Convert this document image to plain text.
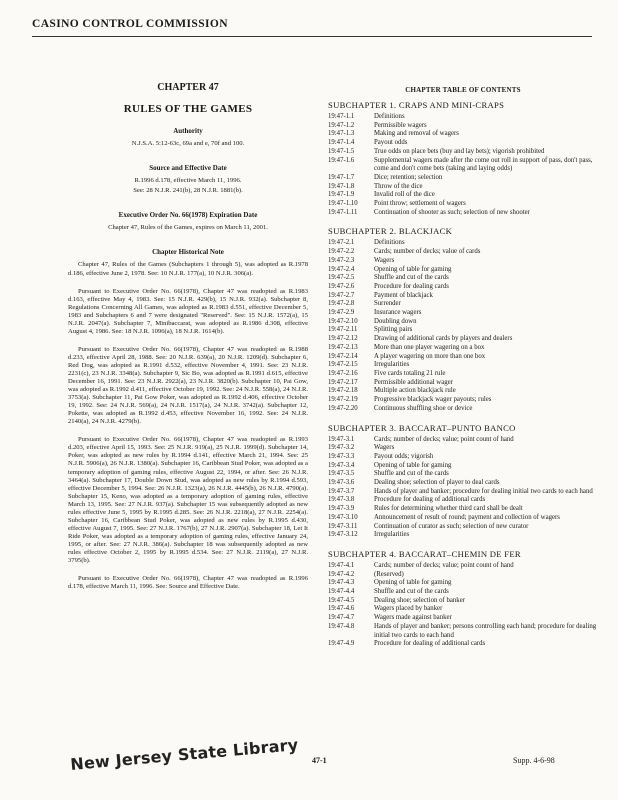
CASINO CONTROL COMMISSION
CHAPTER 47
RULES OF THE GAMES
Authority
N.J.S.A. 5:12-63c, 69a and e, 70f and 100.
Source and Effective Date
R.1996 d.178, effective March 11, 1996.
See: 28 N.J.R. 241(b), 28 N.J.R. 1881(b).
Executive Order No. 66(1978) Expiration Date
Chapter 47, Rules of the Games, expires on March 11, 2001.
Chapter Historical Note
Chapter 47, Rules of the Games (Subchapters 1 through 5), was adopted as R.1978 d.186, effective June 2, 1978. See: 10 N.J.R. 177(a), 10 N.J.R. 306(a).
Pursuant to Executive Order No. 66(1978), Chapter 47 was readopted as R.1983 d.163, effective May 4, 1983. See: 15 N.J.R. 429(b), 15 N.J.R. 932(a). Subchapter 8, Regulations Concerning All Games, was adopted as R.1983 d.551, effective December 5, 1983 and Subchapters 6 and 7 were designated "Reserved". See: 15 N.J.R. 1572(a), 15 N.J.R. 2047(a). Subchapter 7, Minibaccarat, was adopted as R.1986 d.308, effective August 4, 1986. See: 18 N.J.R. 1096(a), 18 N.J.R. 1614(b).
Pursuant to Executive Order No. 66(1978), Chapter 47 was readopted as R.1988 d.233, effective April 28, 1988. See: 20 N.J.R. 639(a), 20 N.J.R. 1209(d). Subchapter 6, Red Dog, was adopted as R.1991 d.532, effective November 4, 1991. See: 23 N.J.R. 2231(c), 23 N.J.R. 3348(a). Subchapter 9, Sic Bo, was adopted as R.1991 d.615, effective December 16, 1991. See: 23 N.J.R. 2922(a), 23 N.J.R. 3820(b). Subchapter 10, Pai Gow, was adopted as R.1992 d.411, effective October 19, 1992. See: 24 N.J.R. 558(a), 24 N.J.R. 3753(a). Subchapter 11, Pai Gow Poker, was adopted as R.1992 d.406, effective October 19, 1992. See: 24 N.J.R. 569(a), 24 N.J.R. 1517(a), 24 N.J.R. 3742(a). Subchapter 12, Pokette, was adopted as R.1992 d.453, effective November 16, 1992. See: 24 N.J.R. 2140(a), 24 N.J.R. 4279(b).
Pursuant to Executive Order No. 66(1978), Chapter 47 was readopted as R.1993 d.203, effective April 15, 1993. See: 25 N.J.R. 919(a), 25 N.J.R. 1999(d). Subchapter 14, Poker, was adopted as new rules by R.1994 d.141, effective March 21, 1994. See: 25 N.J.R. 5906(a), 26 N.J.R. 1380(a). Subchapter 16, Caribbean Stud Poker, was adopted as a temporary adoption of gaming rules, effective August 22, 1994, or after. See: 26 N.J.R. 3464(a). Subchapter 17, Double Down Stud, was adopted as new rules by R.1994 d.593, effective December 5, 1994. See: 26 N.J.R. 1323(a), 26 N.J.R. 4445(b), 26 N.J.R. 4790(a). Subchapter 15, Keno, was adopted as a temporary adoption of gaming rules, effective March 13, 1995. See: 27 N.J.R. 937(a). Subchapter 15 was subsequently adopted as new rules effective June 5, 1995 by R.1995 d.285. See: 26 N.J.R. 2218(a), 27 N.J.R. 2254(a). Subchapter 16, Caribbean Stud Poker, was adopted as new rules by R.1995 d.430, effective August 7, 1995. See: 27 N.J.R. 1767(b), 27 N.J.R. 2907(a). Subchapter 18, Let It Ride Poker, was adopted as a temporary adoption of gaming rules, effective January 24, 1995, or after. See: 27 N.J.R. 386(a). Subchapter 18 was subsequently adopted as new rules effective October 2, 1995 by R.1995 d.534. See: 27 N.J.R. 2119(a), 27 N.J.R. 3795(b).
Pursuant to Executive Order No. 66(1978), Chapter 47 was readopted as R.1996 d.178, effective March 11, 1996. See: Source and Effective Date.
CHAPTER TABLE OF CONTENTS
SUBCHAPTER 1. CRAPS AND MINI-CRAPS
19:47-1.1	Definitions
19:47-1.2	Permissible wagers
19:47-1.3	Making and removal of wagers
19:47-1.4	Payout odds
19:47-1.5	True odds on place bets (buy and lay bets); vigorish prohibited
19:47-1.6	Supplemental wagers made after the come out roll in support of pass, don't pass, come and don't come bets (taking and laying odds)
19:47-1.7	Dice; retention; selection
19:47-1.8	Throw of the dice
19:47-1.9	Invalid roll of the dice
19:47-1.10	Point throw; settlement of wagers
19:47-1.11	Continuation of shooter as such; selection of new shooter
SUBCHAPTER 2. BLACKJACK
19:47-2.1	Definitions
19:47-2.2	Cards; number of decks; value of cards
19:47-2.3	Wagers
19:47-2.4	Opening of table for gaming
19:47-2.5	Shuffle and cut of the cards
19:47-2.6	Procedure for dealing cards
19:47-2.7	Payment of blackjack
19:47-2.8	Surrender
19:47-2.9	Insurance wagers
19:47-2.10	Doubling down
19:47-2.11	Splitting pairs
19:47-2.12	Drawing of additional cards by players and dealers
19:47-2.13	More than one player wagering on a box
19:47-2.14	A player wagering on more than one box
19:47-2.15	Irregularities
19:47-2.16	Five cards totaling 21 rule
19:47-2.17	Permissible additional wager
19:47-2.18	Multiple action blackjack rule
19:47-2.19	Progressive blackjack wager payouts; rules
19:47-2.20	Continuous shuffling shoe or device
SUBCHAPTER 3. BACCARAT–PUNTO BANCO
19:47-3.1	Cards; number of decks; value; point count of hand
19:47-3.2	Wagers
19:47-3.3	Payout odds; vigorish
19:47-3.4	Opening of table for gaming
19:47-3.5	Shuffle and cut of the cards
19:47-3.6	Dealing shoe; selection of player to deal cards
19:47-3.7	Hands of player and banker; procedure for dealing initial two cards to each hand
19:47-3.8	Procedure for dealing of additional cards
19:47-3.9	Rules for determining whether third card shall be dealt
19:47-3.10	Announcement of result of round; payment and collection of wagers
19:47-3.11	Continuation of curator as such; selection of new curator
19:47-3.12	Irregularities
SUBCHAPTER 4. BACCARAT–CHEMIN DE FER
19:47-4.1	Cards; number of decks; value; point count of hand
19:47-4.2	(Reserved)
19:47-4.3	Opening of table for gaming
19:47-4.4	Shuffle and cut of the cards
19:47-4.5	Dealing shoe; selection of banker
19:47-4.6	Wagers placed by banker
19:47-4.7	Wagers made against banker
19:47-4.8	Hands of player and banker; persons controlling each hand; procedure for dealing initial two cards to each hand
19:47-4.9	Procedure for dealing of additional cards
New Jersey State Library 47-1	Supp. 4-6-98
